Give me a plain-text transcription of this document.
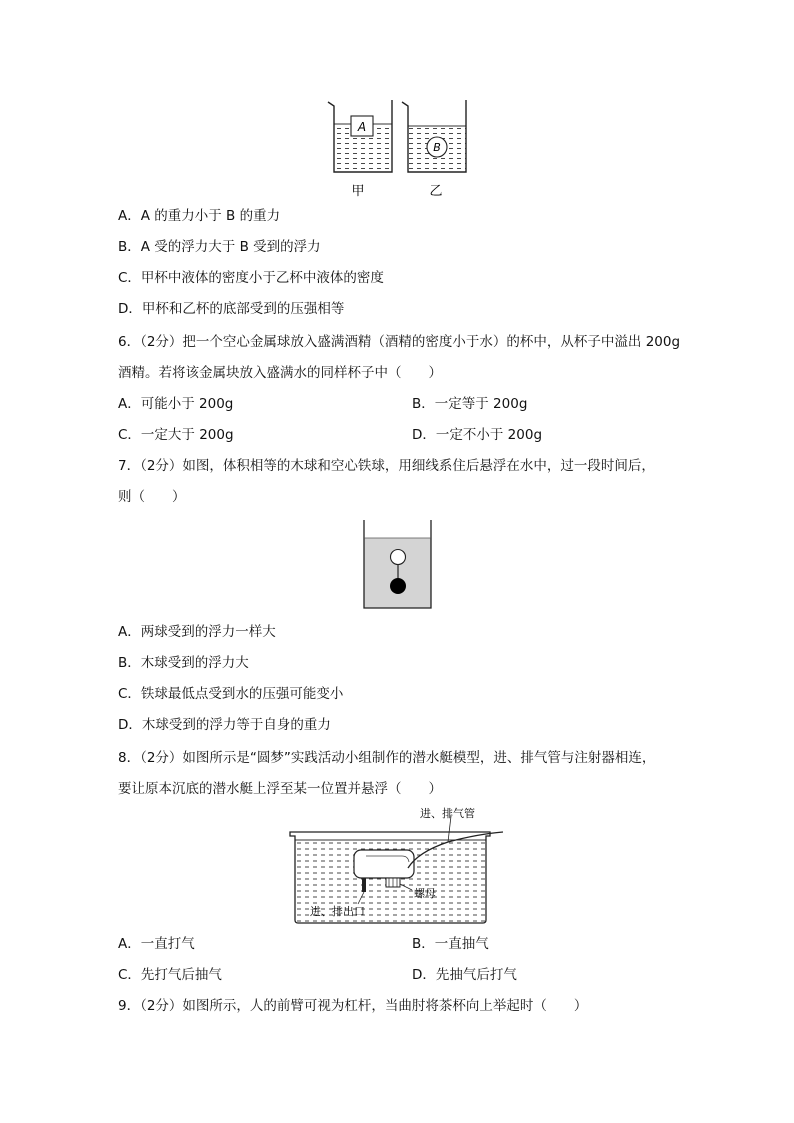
A
B
甲	乙
A．A 的重力小于 B 的重力
B．A 受的浮力大于 B 受到的浮力
C．甲杯中液体的密度小于乙杯中液体的密度
D．甲杯和乙杯的底部受到的压强相等
6．（2分）把一个空心金属球放入盛满酒精（酒精的密度小于水）的杯中，从杯子中溢出 200g
酒精。若将该金属块放入盛满水的同样杯子中（　　）
A．可能小于 200g	B．一定等于 200g
C．一定大于 200g	D．一定不小于 200g
7．（2分）如图，体积相等的木球和空心铁球，用细线系住后悬浮在水中，过一段时间后，
则（　　）
A．两球受到的浮力一样大
B．木球受到的浮力大
C．铁球最低点受到水的压强可能变小
D．木球受到的浮力等于自身的重力
8．（2分）如图所示是“圆梦”实践活动小组制作的潜水艇模型，进、排气管与注射器相连，
要让原本沉底的潜水艇上浮至某一位置并悬浮（　　）
进、排气管
进、排出口
螺母
A．一直打气	B．一直抽气
C．先打气后抽气	D．先抽气后打气
9．（2分）如图所示，人的前臂可视为杠杆，当曲肘将茶杯向上举起时（　　）
